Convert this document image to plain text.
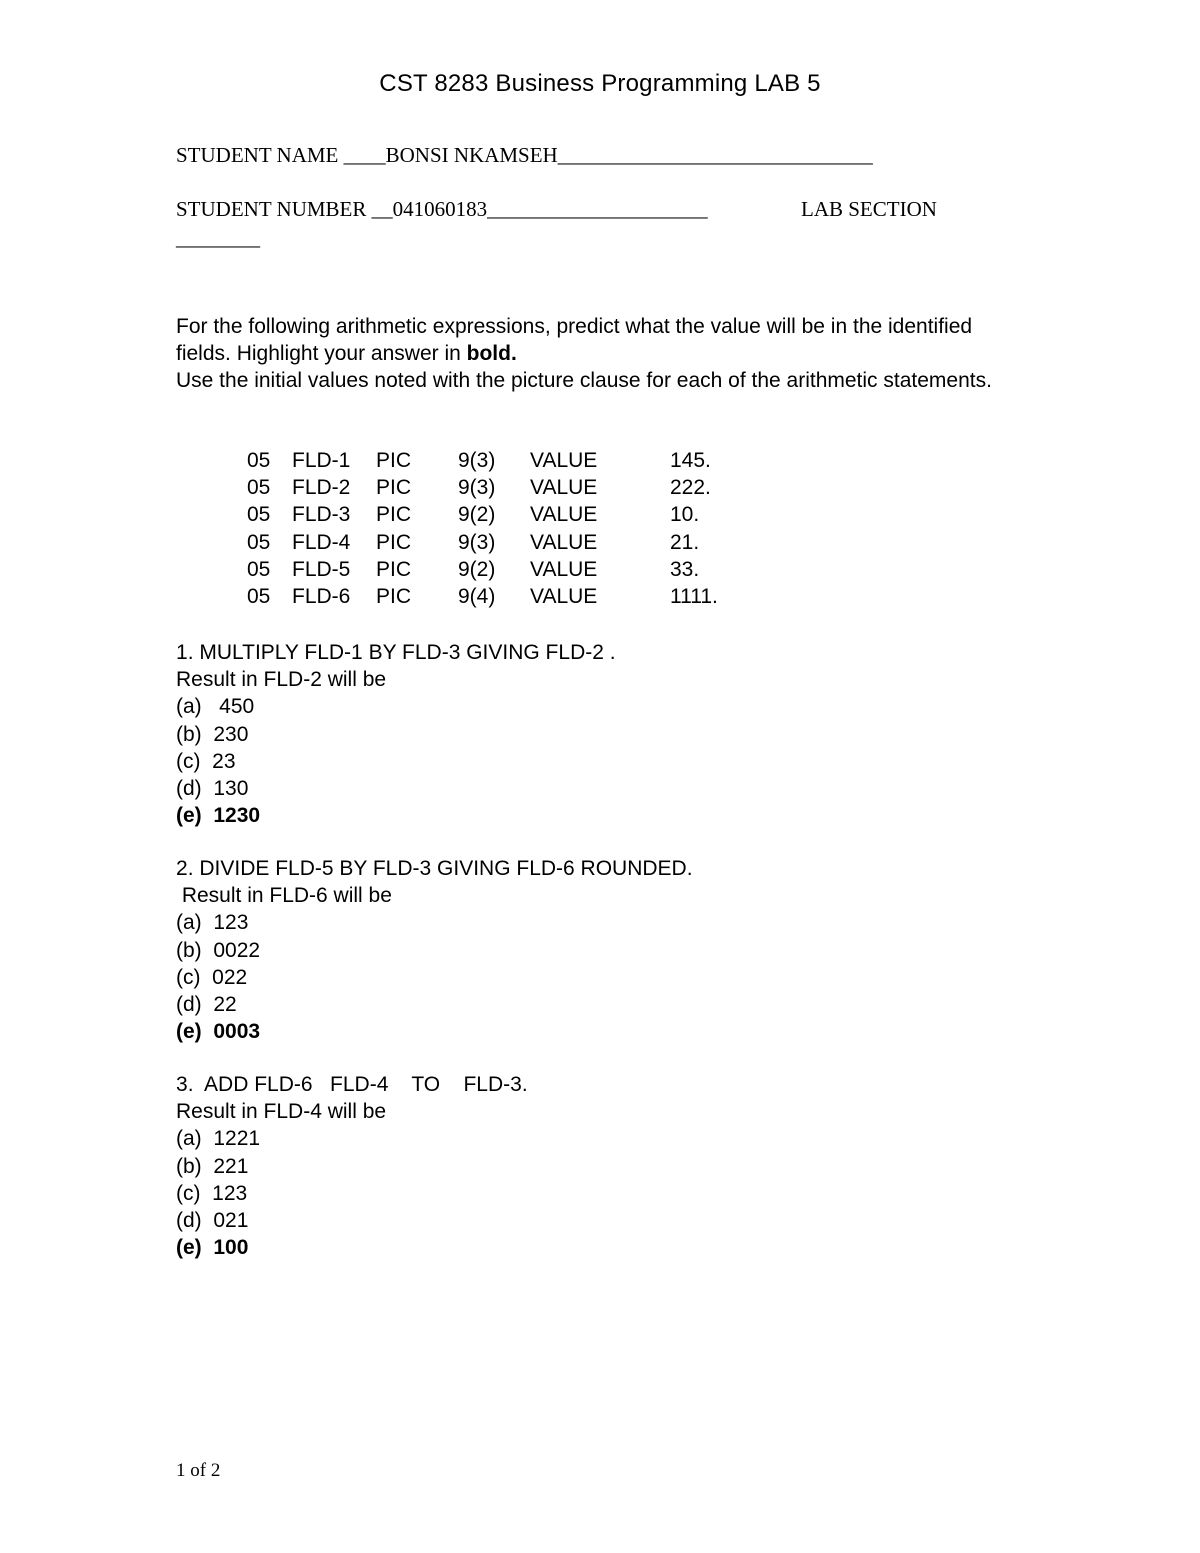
CST 8283 Business Programming LAB 5
STUDENT NAME ____BONSI NKAMSEH______________________________
STUDENT NUMBER __041060183_____________________	LAB SECTION
________

For the following arithmetic expressions, predict what the value will be in the identified fields. Highlight your answer in bold.

Use the initial values noted with the picture clause for each of the arithmetic statements.

05 FLD-1 PIC 9(3) VALUE	145.
05 FLD-2 PIC 9(3) VALUE	222.
05 FLD-3 PIC 9(2) VALUE	10.
05 FLD-4 PIC 9(3) VALUE	21.
05 FLD-5 PIC 9(2) VALUE	33.
05 FLD-6 PIC 9(4) VALUE	1111.
1. MULTIPLY FLD-1 BY FLD-3 GIVING FLD-2 .
Result in FLD-2 will be
(a)   450
(b)  230
(c)  23
(d)  130
(e)  1230
2. DIVIDE FLD-5 BY FLD-3 GIVING FLD-6 ROUNDED.
Result in FLD-6 will be
(a)  123
(b)  0022
(c)  022
(d)  22
(e)  0003
3.  ADD FLD-6   FLD-4    TO    FLD-3.
Result in FLD-4 will be
(a)  1221
(b)  221
(c)  123
(d)  021
(e)  100
1 of 2
